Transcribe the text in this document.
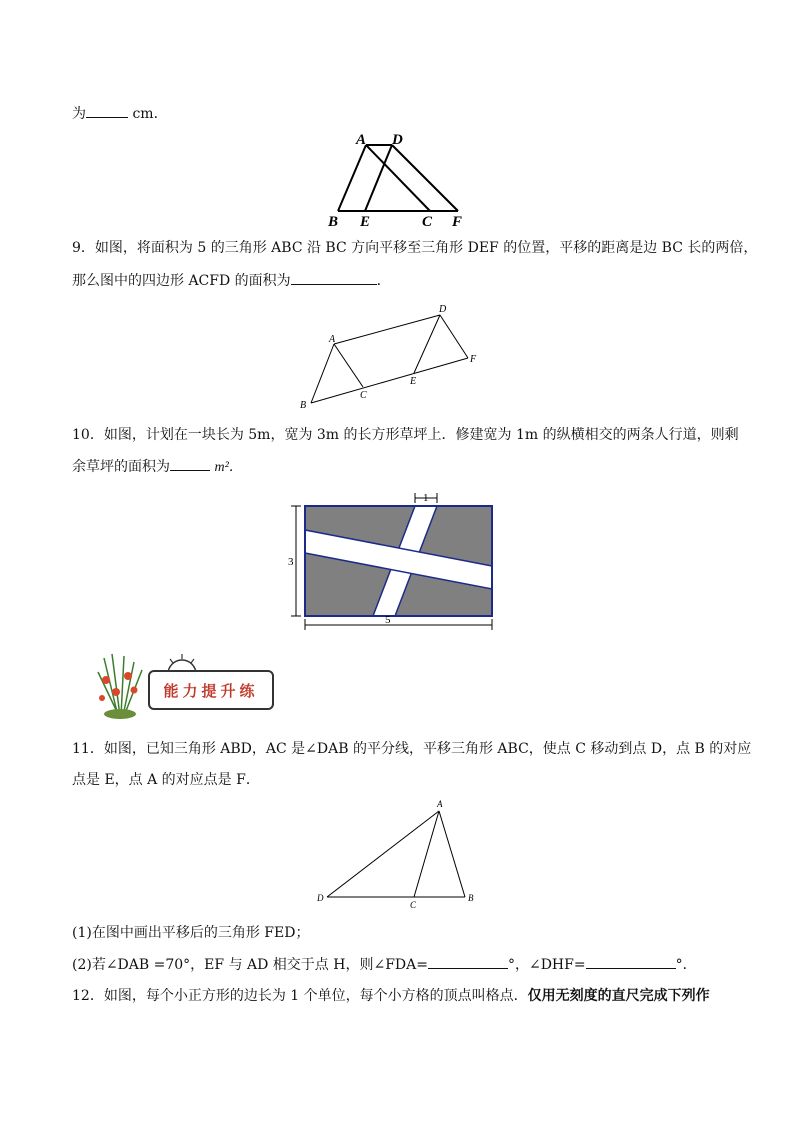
为	cm．
A D
B E	C F
9．如图，将面积为 5 的三角形 ABC 沿 BC 方向平移至三角形 DEF 的位置，平移的距离是边 BC 长的两倍，
那么图中的四边形 ACFD 的面积为	．
D
A
F
E
C
B
10．如图，计划在一块长为 5m，宽为 3m 的长方形草坪上．修建宽为 1m 的纵横相交的两条人行道，则剩
余草坪的面积为	m²．
1
3
5
能力提升练
11．如图，已知三角形 ABD，AC 是∠DAB 的平分线，平移三角形 ABC，使点 C 移动到点 D，点 B 的对应
点是 E，点 A 的对应点是 F．
A
D
C
B
(1)在图中画出平移后的三角形 FED；
(2)若∠DAB =70°，EF 与 AD 相交于点 H，则∠FDA=	°，∠DHF=	°．
12．如图，每个小正方形的边长为 1 个单位，每个小方格的顶点叫格点．仅用无刻度的直尺完成下列作
